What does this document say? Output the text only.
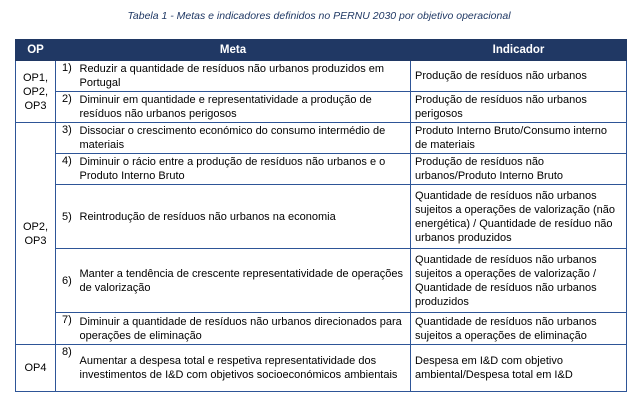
Tabela 1 - Metas e indicadores definidos no PERNU 2030 por objetivo operacional
OP	Meta		Indicador
OP1, OP2, OP3	1)	Reduzir a quantidade de resíduos não urbanos produzidos em Portugal	Produção de resíduos não urbanos
	2)	Diminuir em quantidade e representatividade a produção de resíduos não urbanos perigosos	Produção de resíduos não urbanos perigosos
OP2, OP3	3)	Dissociar o crescimento económico do consumo intermédio de materiais	Produto Interno Bruto/Consumo interno de materiais
	4)	Diminuir o rácio entre a produção de resíduos não urbanos e o Produto Interno Bruto	Produção de resíduos não urbanos/Produto Interno Bruto
	5)	Reintrodução de resíduos não urbanos na economia	Quantidade de resíduos não urbanos sujeitos a operações de valorização (não energética) / Quantidade de resíduo não urbanos produzidos
	6)	Manter a tendência de crescente representatividade de operações de valorização	Quantidade de resíduos não urbanos sujeitos a operações de valorização / Quantidade de resíduos não urbanos produzidos
	7)	Diminuir a quantidade de resíduos não urbanos direcionados para operações de eliminação	Quantidade de resíduos não urbanos sujeitos a operações de eliminação
OP4	8)	Aumentar a despesa total e respetiva representatividade dos investimentos de I&D com objetivos socioeconómicos ambientais	Despesa em I&D com objetivo ambiental/Despesa total em I&D
